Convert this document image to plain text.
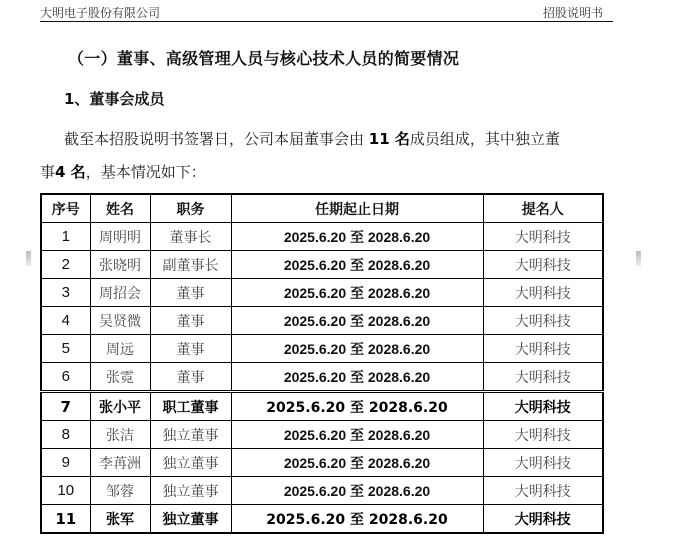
大明电子股份有限公司	招股说明书
（一）董事、高级管理人员与核心技术人员的简要情况
1、董事会成员
截至本招股说明书签署日，公司本届董事会由 11 名成员组成，其中独立董
事4 名，基本情况如下：
序号	姓名	职务	任期起止日期	提名人
1	周明明	董事长	2025.6.20 至 2028.6.20	大明科技
2	张晓明	副董事长	2025.6.20 至 2028.6.20	大明科技
3	周招会	董事	2025.6.20 至 2028.6.20	大明科技
4	吴贤微	董事	2025.6.20 至 2028.6.20	大明科技
5	周远	董事	2025.6.20 至 2028.6.20	大明科技
6	张霓	董事	2025.6.20 至 2028.6.20	大明科技
7	张小平	职工董事	2025.6.20 至 2028.6.20	大明科技
8	张洁	独立董事	2025.6.20 至 2028.6.20	大明科技
9	李苒洲	独立董事	2025.6.20 至 2028.6.20	大明科技
10	邹蓉	独立董事	2025.6.20 至 2028.6.20	大明科技
11	张军	独立董事	2025.6.20 至 2028.6.20	大明科技
